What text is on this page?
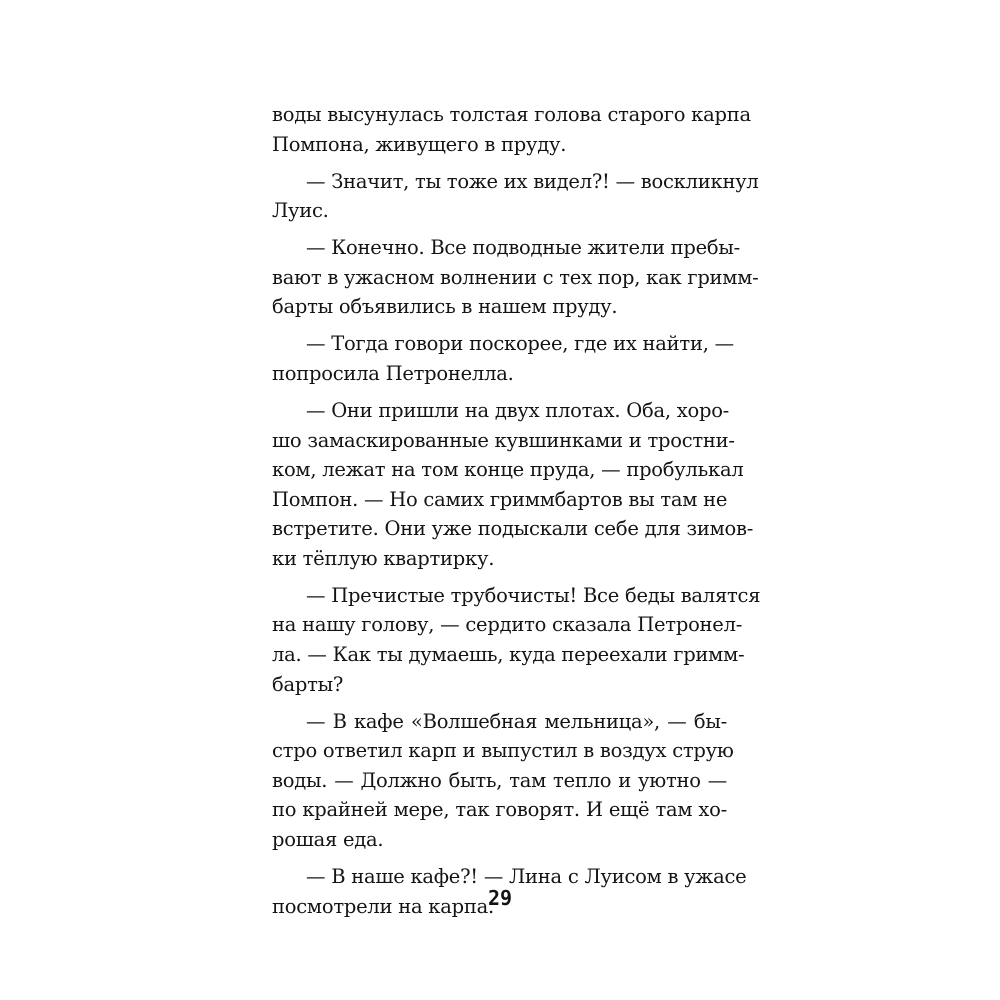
воды высунулась толстая голова старого карпа
Помпона, живущего в пруду.

— Значит, ты тоже их видел?! — воскликнул
Луис.

— Конечно. Все подводные жители пребы-
вают в ужасном волнении с тех пор, как гримм-
барты объявились в нашем пруду.

— Тогда говори поскорее, где их найти, —
попросила Петронелла.

— Они пришли на двух плотах. Оба, хоро-
шо замаскированные кувшинками и тростни-
ком, лежат на том конце пруда, — пробулькал
Помпон. — Но самих гриммбартов вы там не
встретите. Они уже подыскали себе для зимов-
ки тёплую квартирку.

— Пречистые трубочисты! Все беды валятся
на нашу голову, — сердито сказала Петронел-
ла. — Как ты думаешь, куда переехали гримм-
барты?

— В кафе «Волшебная мельница», — бы-
стро ответил карп и выпустил в воздух струю
воды. — Должно быть, там тепло и уютно —
по крайней мере, так говорят. И ещё там хо-
рошая еда.

— В наше кафе?! — Лина с Луисом в ужасе
посмотрели на карпа.

29
